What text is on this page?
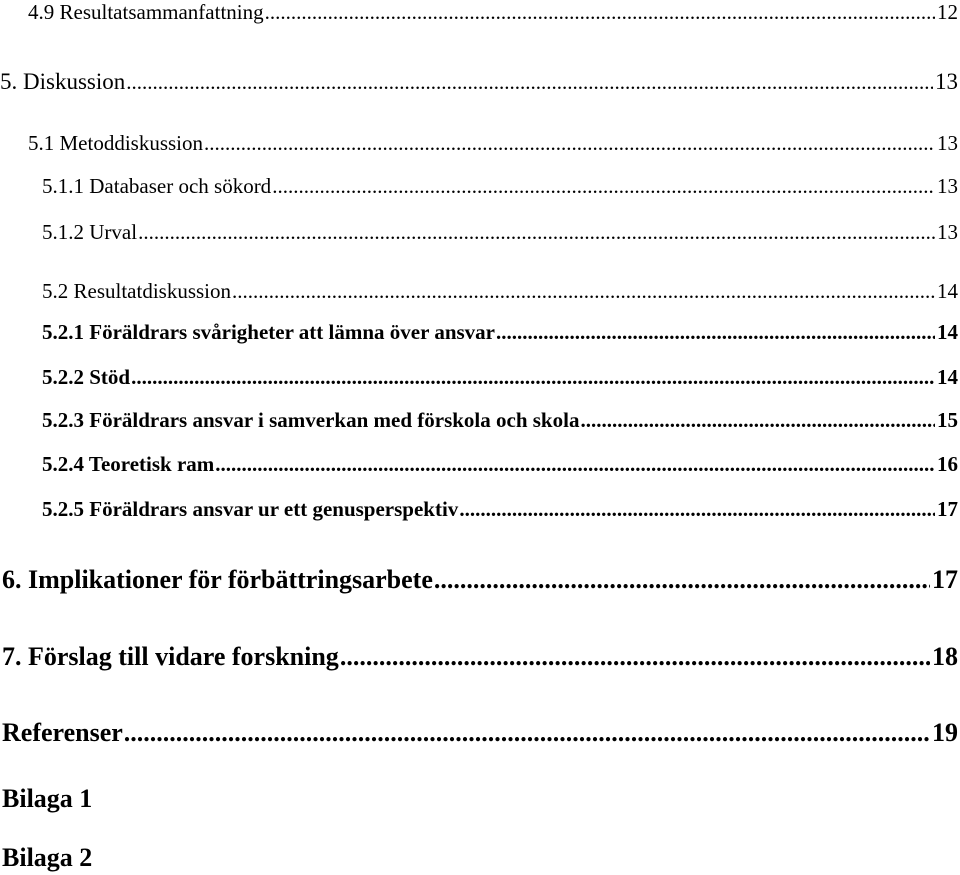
4.9 Resultatsammanfattning .....	12
5. Diskussion .....	13
5.1 Metoddiskussion .....	13
5.1.1 Databaser och sökord .....	13
5.1.2 Urval .....	13
5.2 Resultatdiskussion .....	14
5.2.1 Föräldrars svårigheter att lämna över ansvar .....	14
5.2.2 Stöd .....	14
5.2.3 Föräldrars ansvar i samverkan med förskola och skola .....	15
5.2.4 Teoretisk ram .....	16
5.2.5 Föräldrars ansvar ur ett genusperspektiv .....	17
6. Implikationer för förbättringsarbete .....	17
7. Förslag till vidare forskning .....	18
Referenser .....	19
Bilaga 1
Bilaga 2
